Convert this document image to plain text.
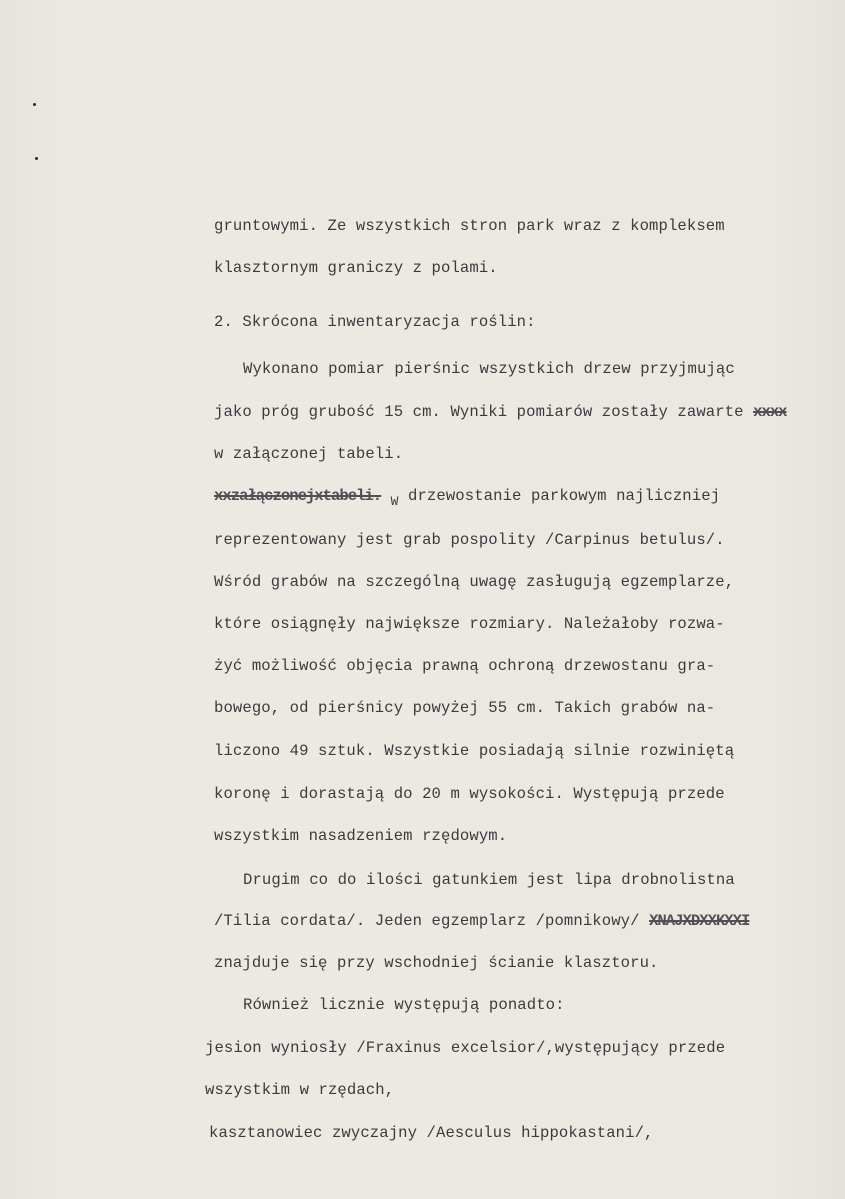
gruntowymi. Ze wszystkich stron park wraz z kompleksem
klasztornym graniczy z polami.
2. Skrócona inwentaryzacja roślin:
Wykonano pomiar pierśnic wszystkich drzew przyjmując
jako próg grubość 15 cm. Wyniki pomiarów zostały zawarte xxxx
w załączonej tabeli.
xxzałączonejxtabeli. $_W$ drzewostanie parkowym najliczniej
reprezentowany jest grab pospolity /Carpinus betulus/.
Wśród grabów na szczególną uwagę zasługują egzemplarze,
które osiągnęły największe rozmiary. Należałoby rozwa-
żyć możliwość objęcia prawną ochroną drzewostanu gra-
bowego, od pierśnicy powyżej 55 cm. Takich grabów na-
liczono 49 sztuk. Wszystkie posiadają silnie rozwiniętą
koronę i dorastają do 20 m wysokości. Występują przede
wszystkim nasadzeniem rzędowym.
Drugim co do ilości gatunkiem jest lipa drobnolistna
/Tilia cordata/. Jeden egzemplarz /pomnikowy/ XNAJXDXXKXXI
znajduje się przy wschodniej ścianie klasztoru.
Również licznie występują ponadto:
jesion wyniosły /Fraxinus excelsior/,występujący przede
wszystkim w rzędach,
kasztanowiec zwyczajny /Aesculus hippokastani/,
